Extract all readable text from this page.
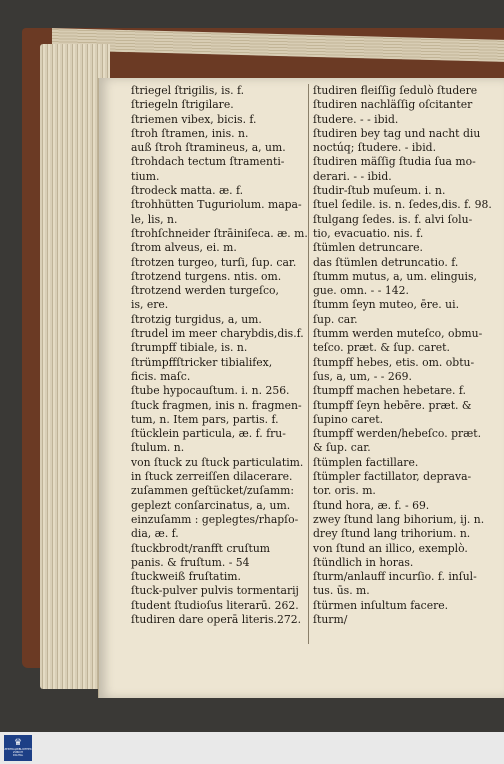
ſtriegel ſtrigilis, is. f.

ſtriegeln ſtrigilare.

ſtriemen vibex, bicis. f.

ſtroh ſtramen, inis. n.

auß ſtroh ſtramineus, a, um.

ſtrohdach tectum ſtramenti-

tium.

ſtrodeck matta. æ. f.

ſtrohhütten Tuguriolum. mapa-

le, lis, n.

ſtrohſchneider ſtrāiniſeca. æ. m.

ſtrom alveus, ei. m.

ſtrotzen turgeo, turſi, ſup. car.

ſtrotzend turgens. ntis. om.

ſtrotzend werden turgeſco,

is, ere.

ſtrotzig turgidus, a, um.

ſtrudel im meer charybdis,dis.f.

ſtrumpff tibiale, is. n.

ſtrümpffſtricker tibialifex,

ficis. maſc.

ſtube hypocauſtum. i. n. 256.

ſtuck fragmen, inis n. fragmen-

tum, n. Item pars, partis. f.

ſtücklein particula, æ. f. fru-

ſtulum. n.

von ſtuck zu ſtuck particulatim.

in ſtuck zerreiſſen dilacerare.

zuſammen geſtücket/zuſamm:

geplezt conſarcinatus, a, um.

einzuſamm : geplegtes/rhapſo-

dia, æ. f.

ſtuckbrodt/ranfft cruſtum

panis. & fruſtum. - 54

ſtuckweiß fruſtatim.

ſtuck-pulver pulvis tormentarij

ſtudent ſtudioſus literarū. 262.

ſtudiren dare operā literis.272.

ſtudiren fleiſſig ſedulò ſtudere

ſtudiren nachläſſig oſcitanter

ſtudere. - - ibid.

ſtudiren bey tag und nacht diu

noctúq; ſtudere. - ibid.

ſtudiren mäſſig ſtudia ſua mo-

derari. - - ibid.

ſtudir-ſtub muſeum. i. n.

ſtuel ſedile. is. n. ſedes,dis. f. 98.

ſtulgang ſedes. is. f. alvi ſolu-

tio, evacuatio. nis. f.

ſtümlen detruncare.

das ſtümlen detruncatio. f.

ſtumm mutus, a, um. elinguis,

gue. omn. - - 142.

ſtumm ſeyn muteo, ēre. ui.

ſup. car.

ſtumm werden muteſco, obmu-

teſco. præt. & ſup. caret.

ſtumpff hebes, etis. om. obtu-

ſus, a, um, - - 269.

ſtumpff machen hebetare. f.

ſtumpff ſeyn hebēre. præt. &

ſupino caret.

ſtumpff werden/hebeſco. præt.

& ſup. car.

ſtümplen factillare.

ſtümpler factillator, deprava-

tor. oris. m.

ſtund hora, æ. f. - 69.

zwey ſtund lang bihorium, ij. n.

drey ſtund lang trihorium. n.

von ſtund an illico, exemplò.

ſtündlich in horas.

ſturm/anlauff incurſio. f. inſul-

tus. ūs. m.

ſtürmen inſultum facere.

ſturm/

♛
ZENTRALBIBLIOTHEK
ZÜRICH
DIGITAL
